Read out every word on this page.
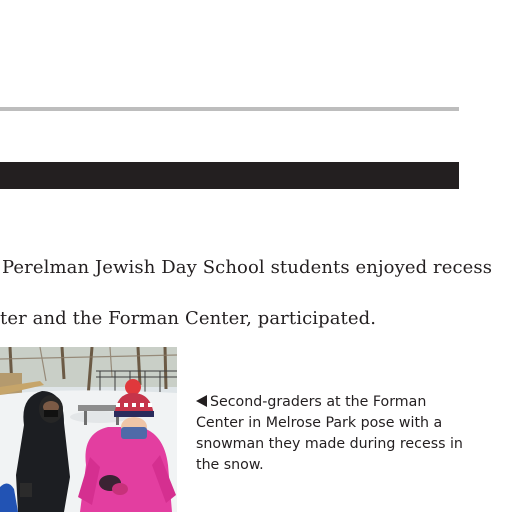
Perelman Jewish Day School students enjoyed recess
ter and the Forman Center, participated.
Second-graders at the Forman Center in Melrose Park pose with a snowman they made during recess in the snow.
